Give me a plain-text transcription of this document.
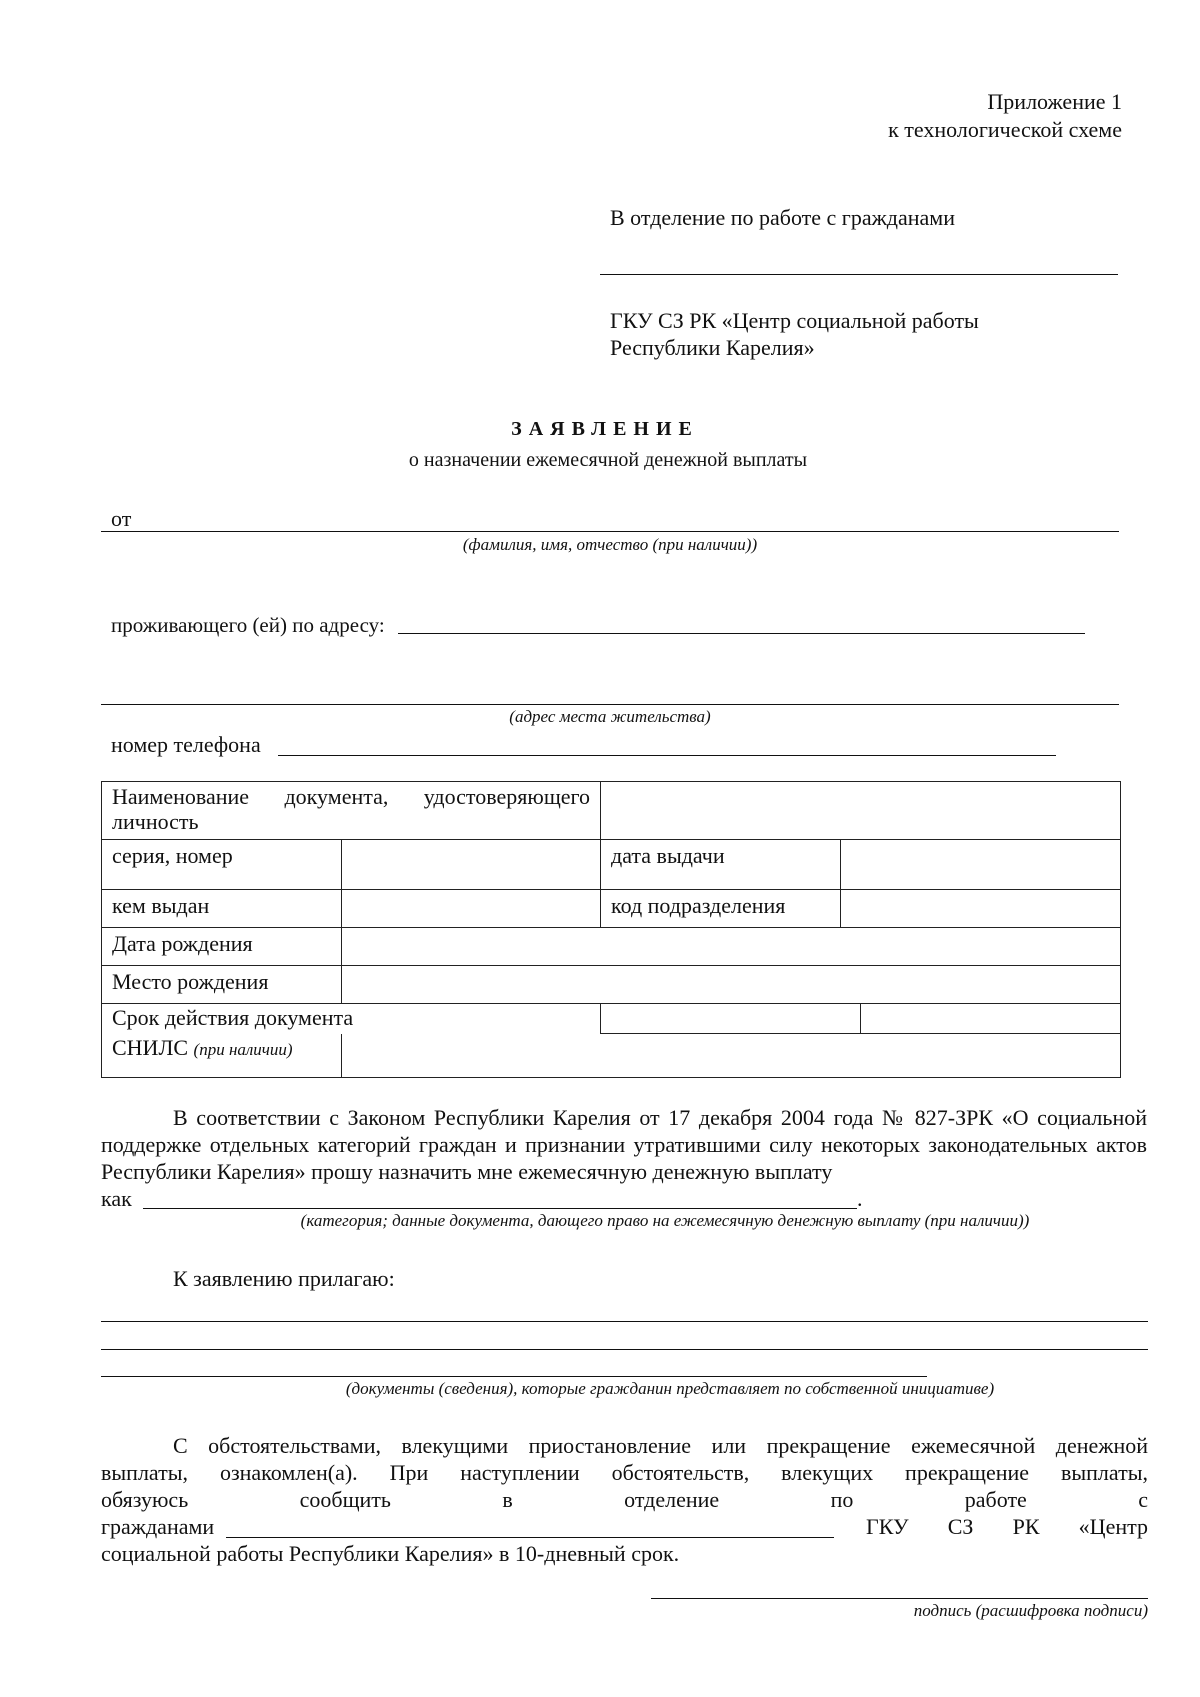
Приложение 1
к технологической схеме
В отделение по работе с гражданами
ГКУ СЗ РК «Центр социальной работы
Республики Карелия»
ЗАЯВЛЕНИЕ
о назначении ежемесячной денежной выплаты
от
(фамилия, имя, отчество (при наличии))
проживающего (ей) по адресу:
(адрес места жительства)
номер телефона
Наименование документа, удостоверяющего личность				

серия, номер		дата выдачи		
кем выдан		код подразделения		
Дата рождения				
Место рождения				
Срок действия документа				
СНИЛС (при наличии)				
В соответствии с Законом Республики Карелия от 17 декабря 2004 года № 827-ЗРК «О социальной поддержке отдельных категорий граждан и признании утратившими силу некоторых законодательных актов Республики Карелия» прошу назначить мне ежемесячную денежную выплату
как	.
(категория; данные документа, дающего право на ежемесячную денежную выплату (при наличии))
К заявлению прилагаю:
(документы (сведения), которые гражданин представляет по собственной инициативе)
С обстоятельствами, влекущими приостановление или прекращение ежемесячной денежной
выплаты, ознакомлен(а). При наступлении обстоятельств, влекущих прекращение выплаты,
обязуюсь сообщить в отделение по работе с
гражданами	ГКУ СЗ РК «Центр
социальной работы Республики Карелия» в 10-дневный срок.
подпись (расшифровка подписи)
